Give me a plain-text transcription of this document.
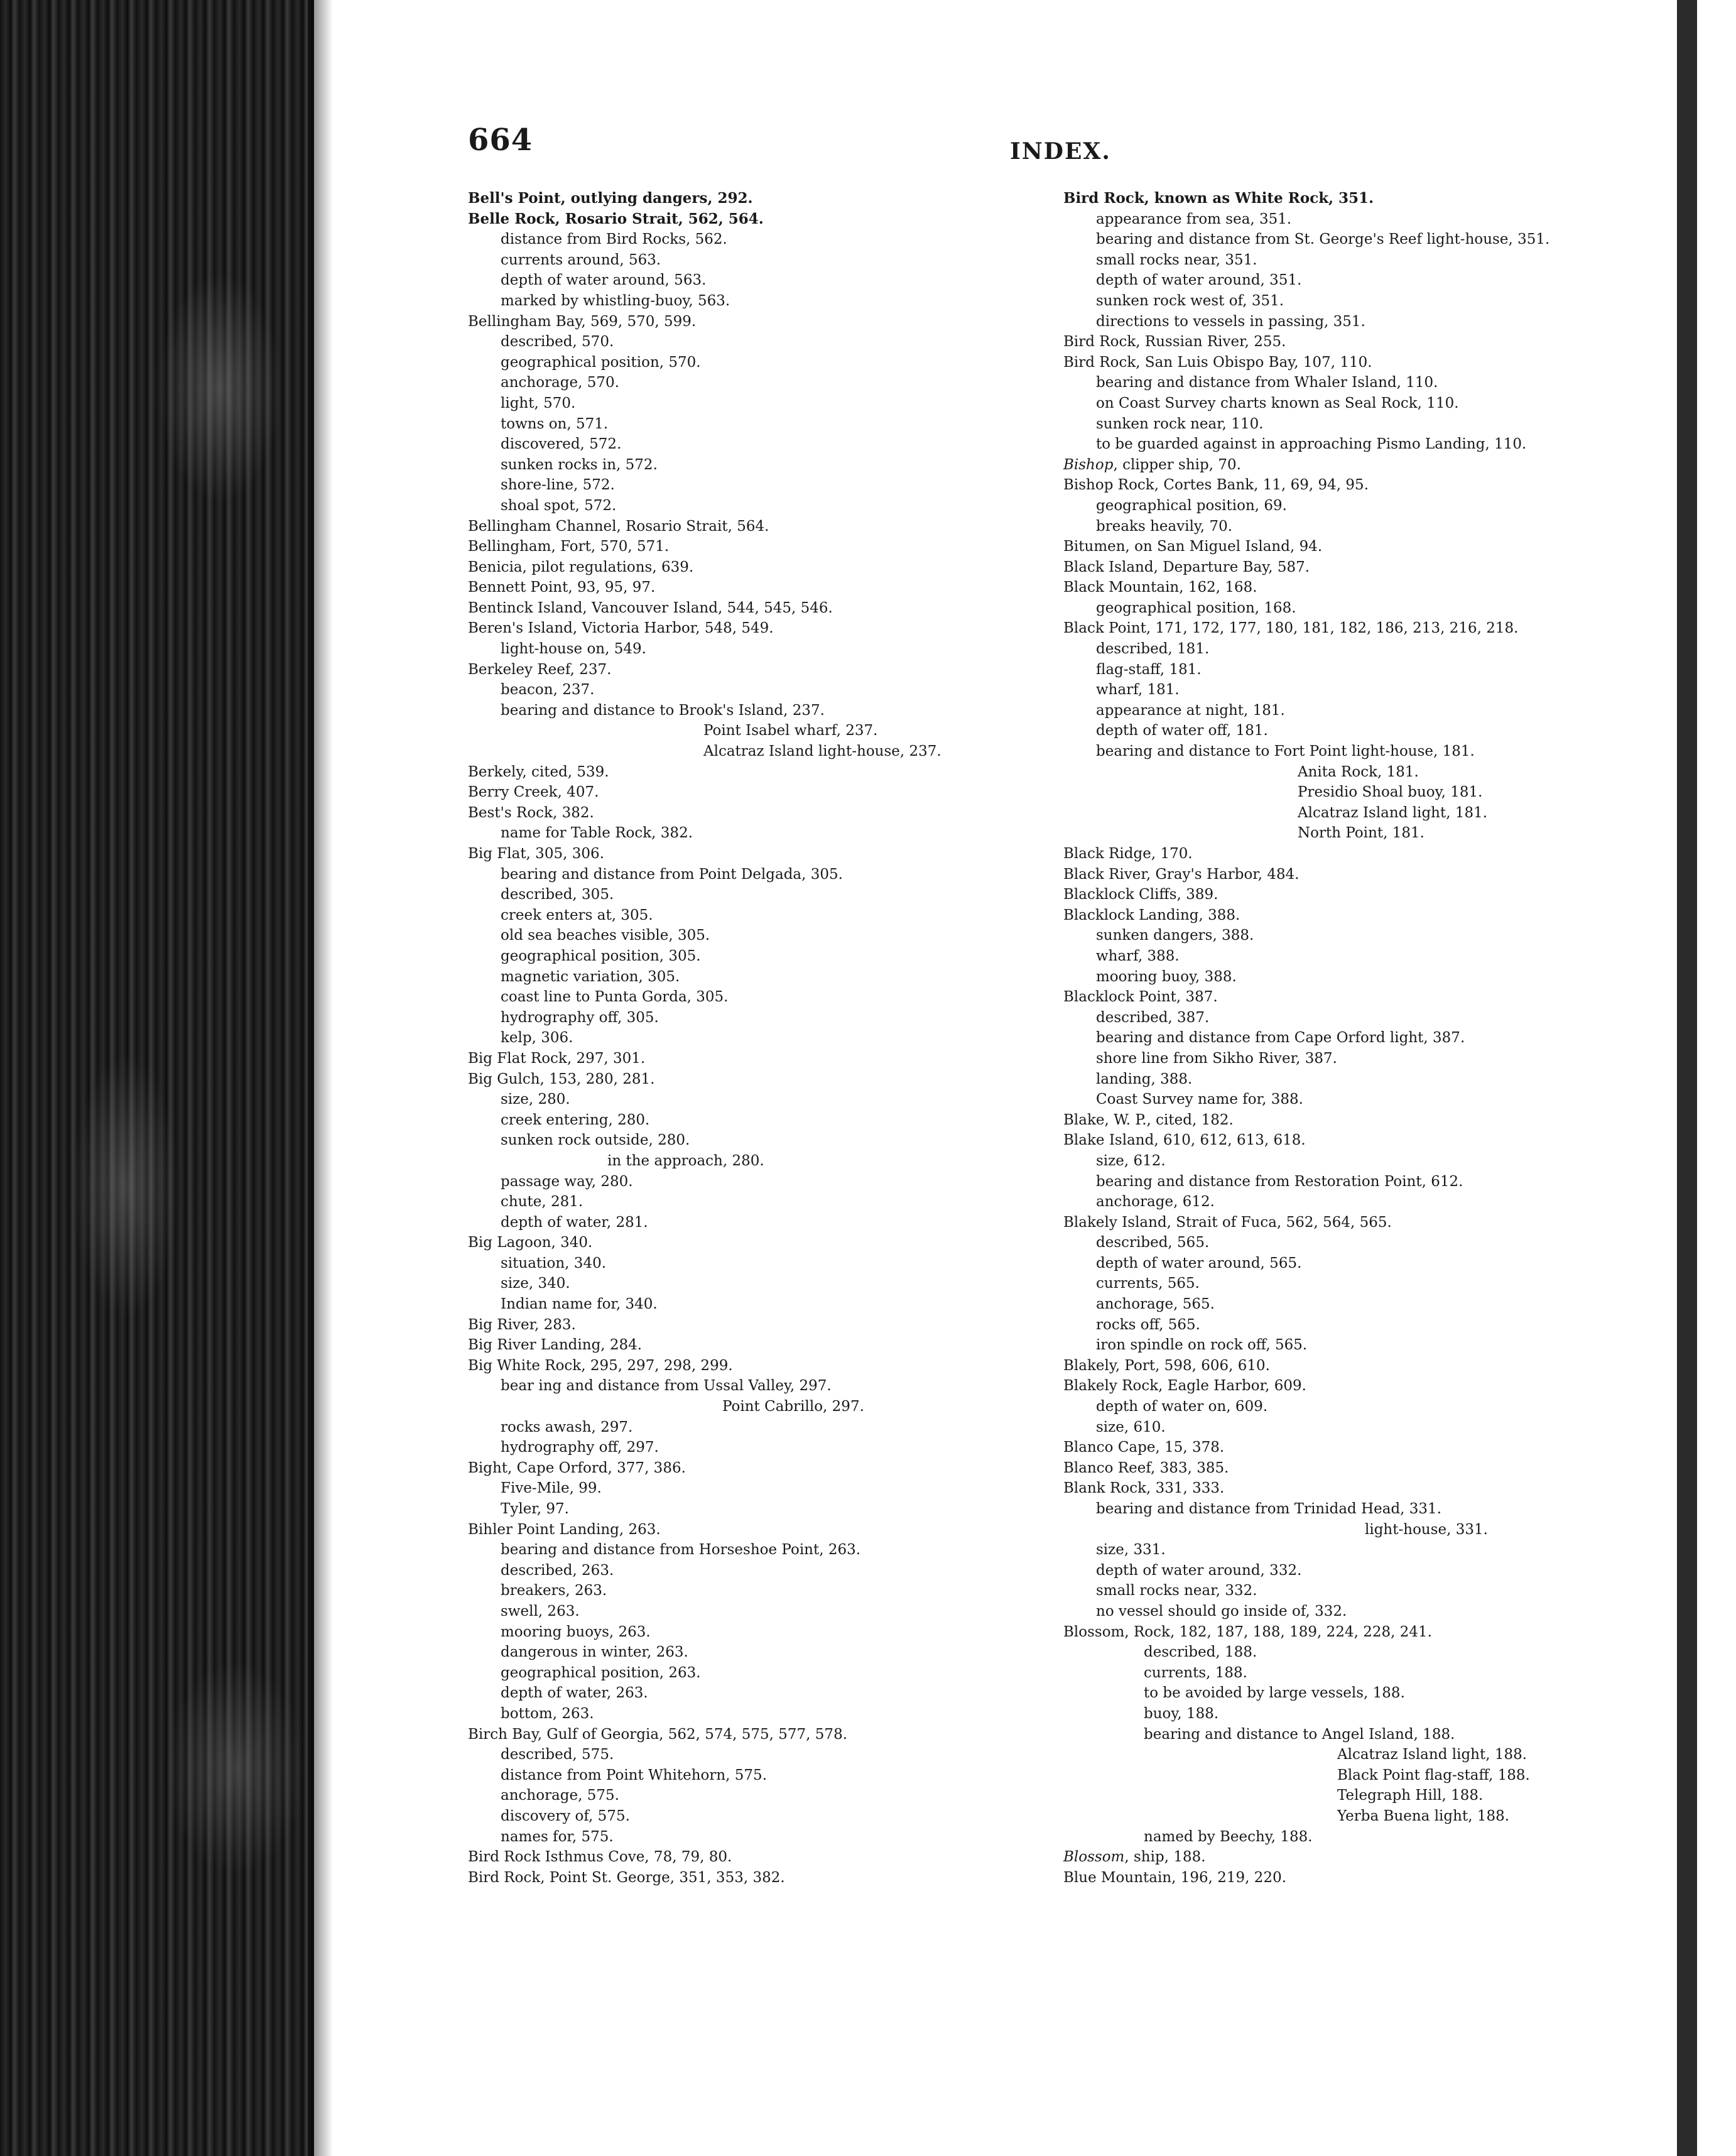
664	INDEX.
Bell's Point, outlying dangers, 292.
Belle Rock, Rosario Strait, 562, 564.
distance from Bird Rocks, 562.
currents around, 563.
depth of water around, 563.
marked by whistling-buoy, 563.
Bellingham Bay, 569, 570, 599.
described, 570.
geographical position, 570.
anchorage, 570.
light, 570.
towns on, 571.
discovered, 572.
sunken rocks in, 572.
shore-line, 572.
shoal spot, 572.
Bellingham Channel, Rosario Strait, 564.
Bellingham, Fort, 570, 571.
Benicia, pilot regulations, 639.
Bennett Point, 93, 95, 97.
Bentinck Island, Vancouver Island, 544, 545, 546.
Beren's Island, Victoria Harbor, 548, 549.
light-house on, 549.
Berkeley Reef, 237.
beacon, 237.
bearing and distance to Brook's Island, 237.
Point Isabel wharf, 237.
Alcatraz Island light-house, 237.
Berkely, cited, 539.
Berry Creek, 407.
Best's Rock, 382.
name for Table Rock, 382.
Big Flat, 305, 306.
bearing and distance from Point Delgada, 305.
described, 305.
creek enters at, 305.
old sea beaches visible, 305.
geographical position, 305.
magnetic variation, 305.
coast line to Punta Gorda, 305.
hydrography off, 305.
kelp, 306.
Big Flat Rock, 297, 301.
Big Gulch, 153, 280, 281.
size, 280.
creek entering, 280.
sunken rock outside, 280.
in the approach, 280.
passage way, 280.
chute, 281.
depth of water, 281.
Big Lagoon, 340.
situation, 340.
size, 340.
Indian name for, 340.
Big River, 283.
Big River Landing, 284.
Big White Rock, 295, 297, 298, 299.
bear ing and distance from Ussal Valley, 297.
Point Cabrillo, 297.
rocks awash, 297.
hydrography off, 297.
Bight, Cape Orford, 377, 386.
Five-Mile, 99.
Tyler, 97.
Bihler Point Landing, 263.
bearing and distance from Horseshoe Point, 263.
described, 263.
breakers, 263.
swell, 263.
mooring buoys, 263.
dangerous in winter, 263.
geographical position, 263.
depth of water, 263.
bottom, 263.
Birch Bay, Gulf of Georgia, 562, 574, 575, 577, 578.
described, 575.
distance from Point Whitehorn, 575.
anchorage, 575.
discovery of, 575.
names for, 575.
Bird Rock Isthmus Cove, 78, 79, 80.
Bird Rock, Point St. George, 351, 353, 382.
Bird Rock, known as White Rock, 351.
appearance from sea, 351.
bearing and distance from St. George's Reef light-house, 351.
small rocks near, 351.
depth of water around, 351.
sunken rock west of, 351.
directions to vessels in passing, 351.
Bird Rock, Russian River, 255.
Bird Rock, San Luis Obispo Bay, 107, 110.
bearing and distance from Whaler Island, 110.
on Coast Survey charts known as Seal Rock, 110.
sunken rock near, 110.
to be guarded against in approaching Pismo Landing, 110.
Bishop, clipper ship, 70.
Bishop Rock, Cortes Bank, 11, 69, 94, 95.
geographical position, 69.
breaks heavily, 70.
Bitumen, on San Miguel Island, 94.
Black Island, Departure Bay, 587.
Black Mountain, 162, 168.
geographical position, 168.
Black Point, 171, 172, 177, 180, 181, 182, 186, 213, 216, 218.
described, 181.
flag-staff, 181.
wharf, 181.
appearance at night, 181.
depth of water off, 181.
bearing and distance to Fort Point light-house, 181.
Anita Rock, 181.
Presidio Shoal buoy, 181.
Alcatraz Island light, 181.
North Point, 181.
Black Ridge, 170.
Black River, Gray's Harbor, 484.
Blacklock Cliffs, 389.
Blacklock Landing, 388.
sunken dangers, 388.
wharf, 388.
mooring buoy, 388.
Blacklock Point, 387.
described, 387.
bearing and distance from Cape Orford light, 387.
shore line from Sikho River, 387.
landing, 388.
Coast Survey name for, 388.
Blake, W. P., cited, 182.
Blake Island, 610, 612, 613, 618.
size, 612.
bearing and distance from Restoration Point, 612.
anchorage, 612.
Blakely Island, Strait of Fuca, 562, 564, 565.
described, 565.
depth of water around, 565.
currents, 565.
anchorage, 565.
rocks off, 565.
iron spindle on rock off, 565.
Blakely, Port, 598, 606, 610.
Blakely Rock, Eagle Harbor, 609.
depth of water on, 609.
size, 610.
Blanco Cape, 15, 378.
Blanco Reef, 383, 385.
Blank Rock, 331, 333.
bearing and distance from Trinidad Head, 331.
light-house, 331.
size, 331.
depth of water around, 332.
small rocks near, 332.
no vessel should go inside of, 332.
Blossom, Rock, 182, 187, 188, 189, 224, 228, 241.
described, 188.
currents, 188.
to be avoided by large vessels, 188.
buoy, 188.
bearing and distance to Angel Island, 188.
Alcatraz Island light, 188.
Black Point flag-staff, 188.
Telegraph Hill, 188.
Yerba Buena light, 188.
named by Beechy, 188.
Blossom, ship, 188.
Blue Mountain, 196, 219, 220.
